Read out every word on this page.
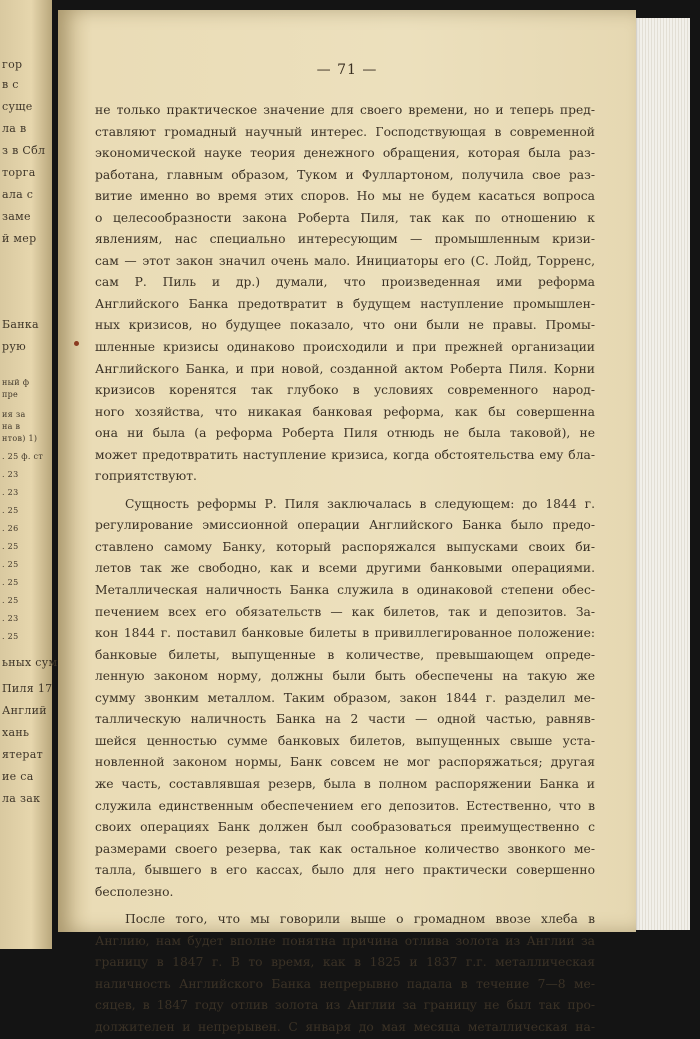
гор
в с
суще
ла в
з в Сбл
торга
ала с
заме
й мер
Банка
рую
ный ф
пре
ия за
на в
нтов) 1)
. 25 ф. ст
. 23
. 23
. 25
. 26
. 25
. 25
. 25
. 25
. 23
. 25
ьных сум
Пиля 17
Англий
хань
ятерат
ие са
ла зак
— 71 —
не только практическое значение для своего времени, но и теперь пред-
ставляют громадный научный интерес. Господствующая в современной
экономической науке теория денежного обращения, которая была раз-
работана, главным образом, Туком и Фуллартоном, получила свое раз-
витие именно во время этих споров. Но мы не будем касаться вопроса
о целесообразности закона Роберта Пиля, так как по отношению к
явлениям, нас специально интересующим — промышленным кризи-
сам — этот закон значил очень мало. Инициаторы его (С. Лойд, Торренс,
сам Р. Пиль и др.) думали, что произведенная ими реформа
Английского Банка предотвратит в будущем наступление промышлен-
ных кризисов, но будущее показало, что они были не правы. Промы-
шленные кризисы одинаково происходили и при прежней организации
Английского Банка, и при новой, созданной актом Роберта Пиля. Корни
кризисов коренятся так глубоко в условиях современного народ-
ного хозяйства, что никакая банковая реформа, как бы совершенна
она ни была (а реформа Роберта Пиля отнюдь не была таковой), не
может предотвратить наступление кризиса, когда обстоятельства ему бла-
гоприятствуют.
Сущность реформы Р. Пиля заключалась в следующем: до 1844 г.
регулирование эмиссионной операции Английского Банка было предо-
ставлено самому Банку, который распоряжался выпусками своих би-
летов так же свободно, как и всеми другими банковыми операциями.
Металлическая наличность Банка служила в одинаковой степени обес-
печением всех его обязательств — как билетов, так и депозитов. За-
кон 1844 г. поставил банковые билеты в привиллегированное положение:
банковые билеты, выпущенные в количестве, превышающем опреде-
ленную законом норму, должны были быть обеспечены на такую же
сумму звонким металлом. Таким образом, закон 1844 г. разделил ме-
таллическую наличность Банка на 2 части — одной частью, равняв-
шейся ценностью сумме банковых билетов, выпущенных свыше уста-
новленной законом нормы, Банк совсем не мог распоряжаться; другая
же часть, составлявшая резерв, была в полном распоряжении Банка и
служила единственным обеспечением его депозитов. Естественно, что в
своих операциях Банк должен был сообразоваться преимущественно с
размерами своего резерва, так как остальное количество звонкого ме-
талла, бывшего в его кассах, было для него практически совершенно
бесполезно.
После того, что мы говорили выше о громадном ввозе хлеба в
Англию, нам будет вполне понятна причина отлива золота из Англии за
границу в 1847 г. В то время, как в 1825 и 1837 г.г. металлическая
наличность Английского Банка непрерывно падала в течение 7—8 ме-
сяцев, в 1847 году отлив золота из Англии за границу не был так про-
должителен и непрерывен. С января до мая месяца металлическая на-
